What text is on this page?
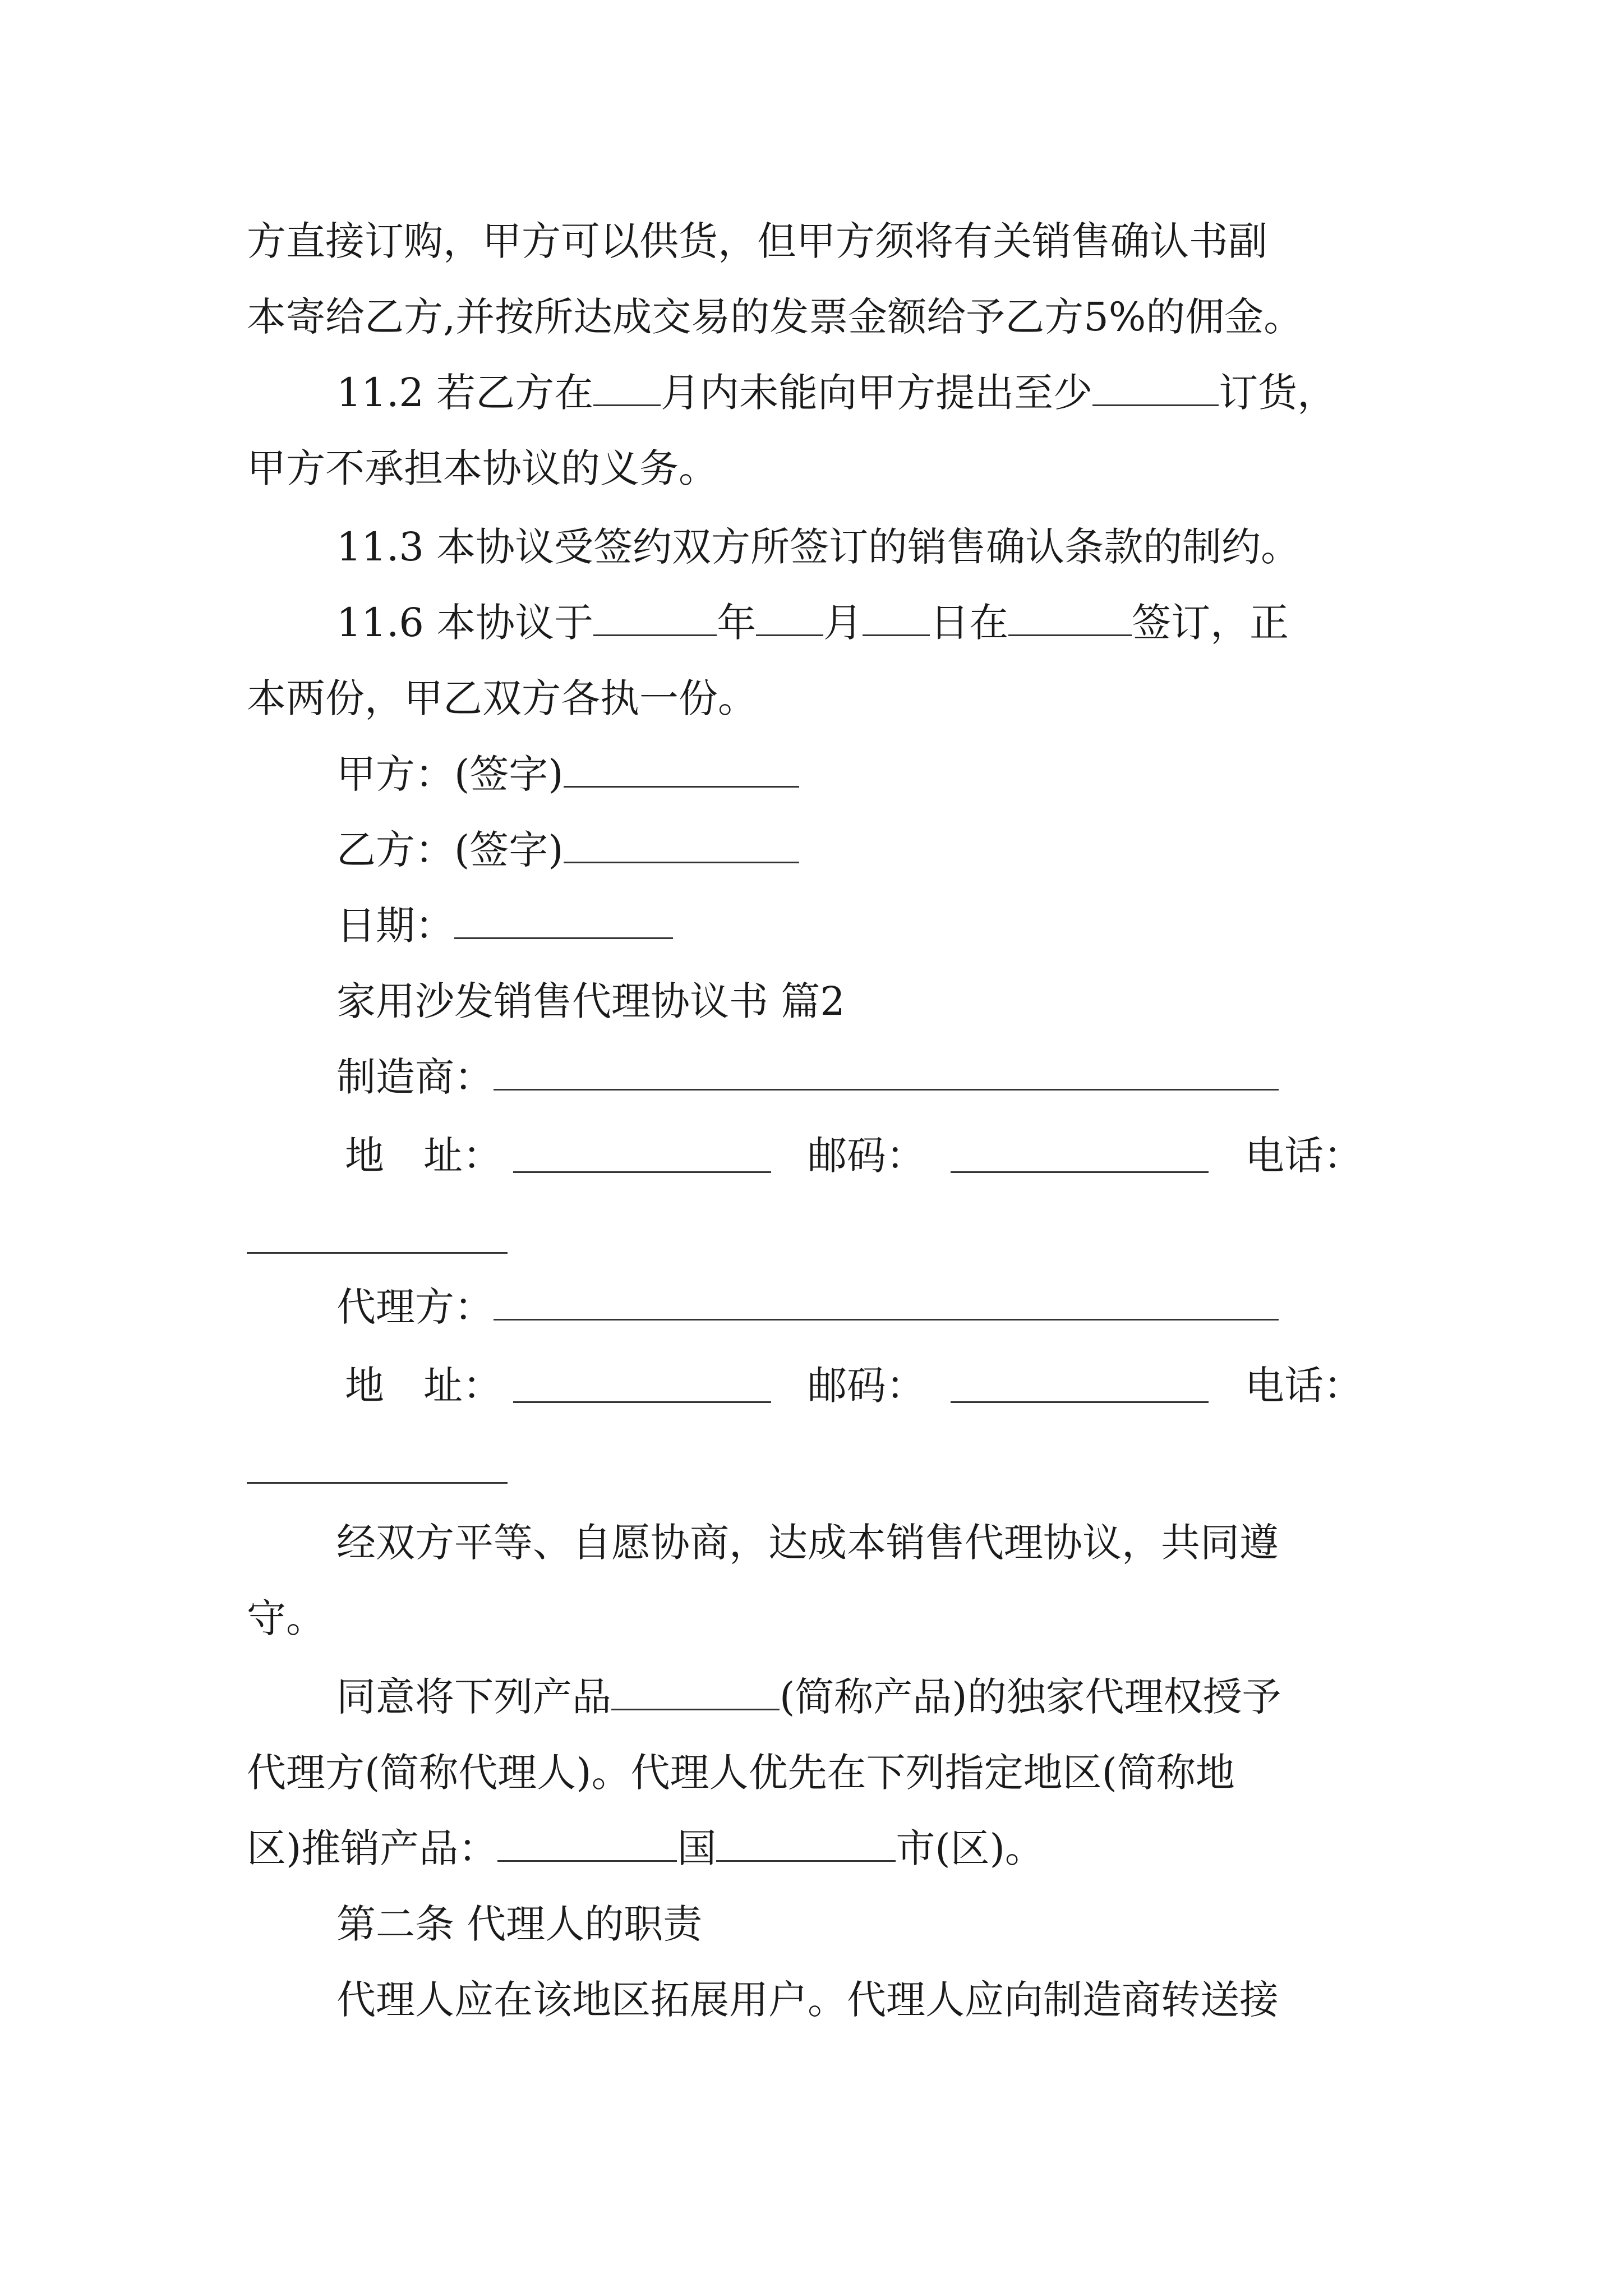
方直接订购，甲方可以供货，但甲方须将有关销售确认书副
本寄给乙方,并按所达成交易的发票金额给予乙方5%的佣金。
11.2 若乙方在 月内未能向甲方提出至少	订货，
甲方不承担本协议的义务。
11.3 本协议受签约双方所签订的销售确认条款的制约。
11.6 本协议于	年 月 日在	签订，正
本两份，甲乙双方各执一份。
甲方：(签字)
乙方：(签字)
日期：
家用沙发销售代理协议书 篇2
制造商：
地　址：	邮码：	电话：
代理方：
地　址：	邮码：	电话：
经双方平等、自愿协商，达成本销售代理协议，共同遵
守。
同意将下列产品	(简称产品)的独家代理权授予
代理方(简称代理人)。代理人优先在下列指定地区(简称地
区)推销产品：	国	市(区)。
第二条 代理人的职责
代理人应在该地区拓展用户。代理人应向制造商转送接
